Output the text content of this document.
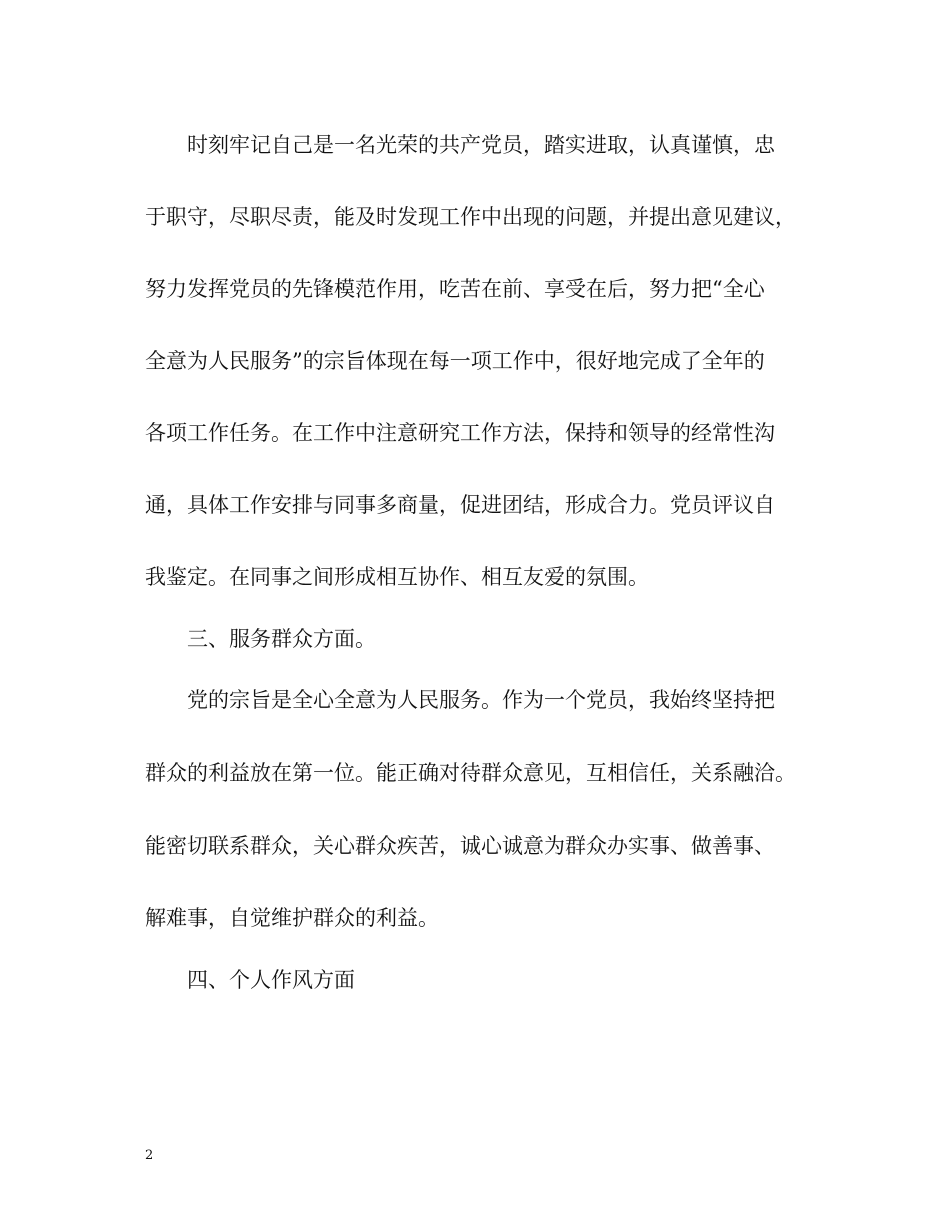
时刻牢记自己是一名光荣的共产党员，踏实进取，认真谨慎，忠

于职守，尽职尽责，能及时发现工作中出现的问题，并提出意见建议，

努力发挥党员的先锋模范作用，吃苦在前、享受在后，努力把“全心

全意为人民服务”的宗旨体现在每一项工作中，很好地完成了全年的

各项工作任务。在工作中注意研究工作方法，保持和领导的经常性沟

通，具体工作安排与同事多商量，促进团结，形成合力。党员评议自

我鉴定。在同事之间形成相互协作、相互友爱的氛围。

三、服务群众方面。

党的宗旨是全心全意为人民服务。作为一个党员，我始终坚持把

群众的利益放在第一位。能正确对待群众意见，互相信任，关系融洽。

能密切联系群众，关心群众疾苦，诚心诚意为群众办实事、做善事、

解难事，自觉维护群众的利益。

四、个人作风方面

2
